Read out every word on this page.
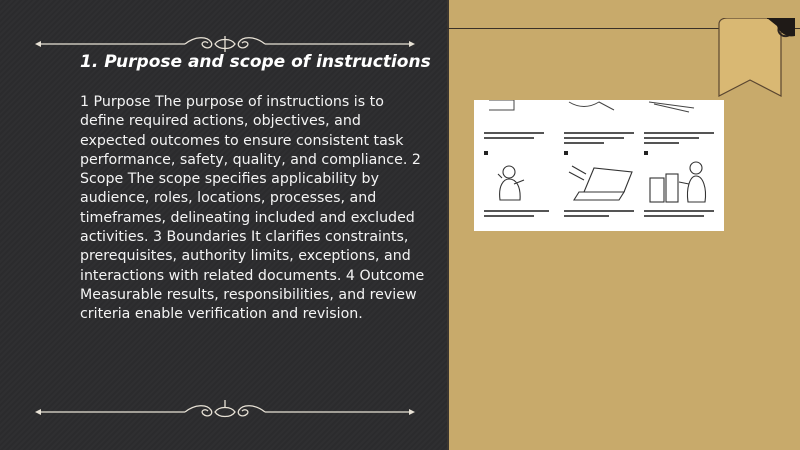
1. Purpose and scope of instructions
1 Purpose The purpose of instructions is to define required actions, objectives, and expected outcomes to ensure consistent task performance, safety, quality, and compliance. 2 Scope The scope specifies applicability by audience, roles, locations, processes, and timeframes, delineating included and excluded activities. 3 Boundaries It clarifies constraints, prerequisites, authority limits, exceptions, and interactions with related documents. 4 Outcome Measurable results, responsibilities, and review criteria enable verification and revision.
